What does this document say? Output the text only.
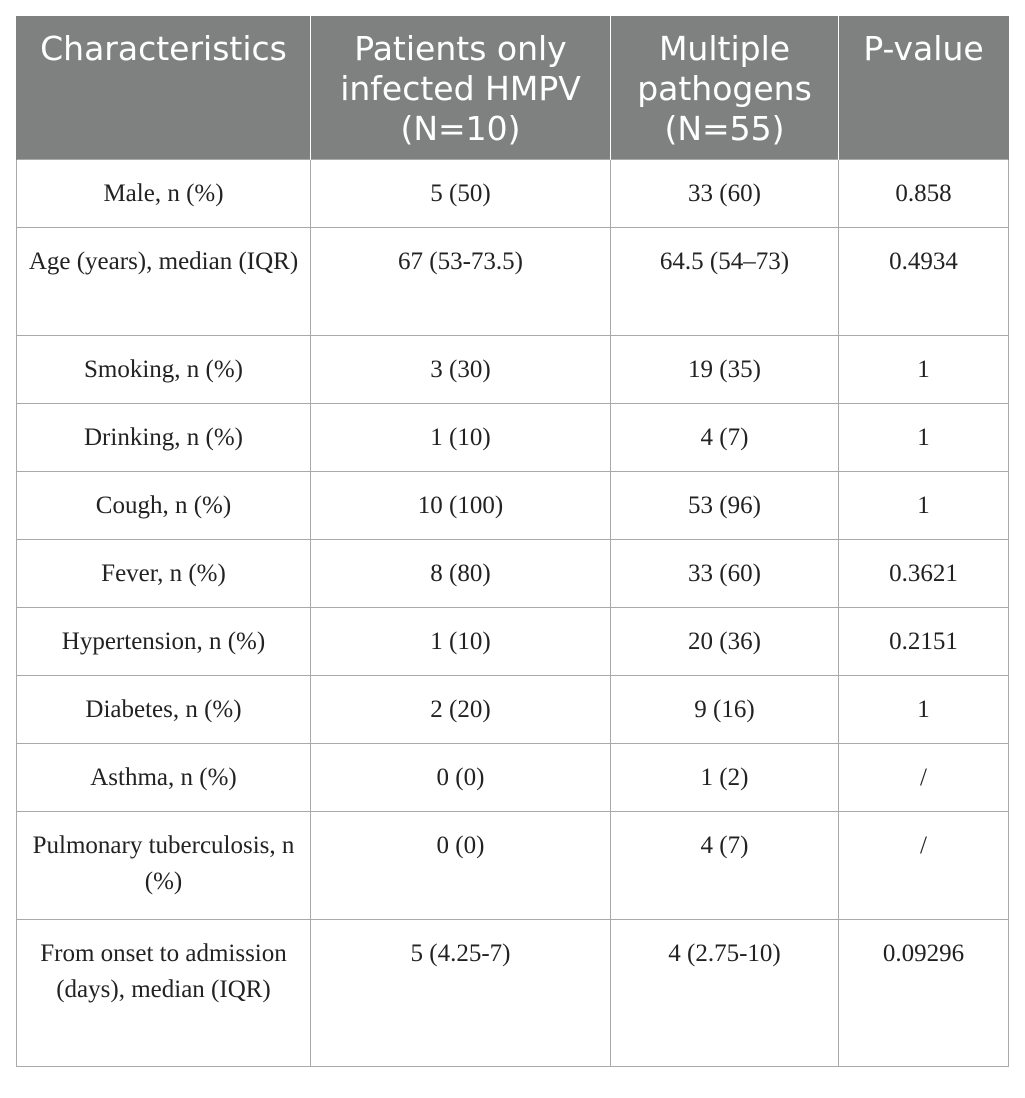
Characteristics	Patients only infected HMPV (N=10)	Multiple pathogens (N=55)	P-value
Male, n (%)	5 (50)	33 (60)	0.858
Age (years), median (IQR)	67 (53-73.5)	64.5 (54–73)	0.4934
Smoking, n (%)	3 (30)	19 (35)	1
Drinking, n (%)	1 (10)	4 (7)	1
Cough, n (%)	10 (100)	53 (96)	1
Fever, n (%)	8 (80)	33 (60)	0.3621
Hypertension, n (%)	1 (10)	20 (36)	0.2151
Diabetes, n (%)	2 (20)	9 (16)	1
Asthma, n (%)	0 (0)	1 (2)	/
Pulmonary tuberculosis, n (%)	0 (0)	4 (7)	/
From onset to admission (days), median (IQR)	5 (4.25-7)	4 (2.75-10)	0.09296
